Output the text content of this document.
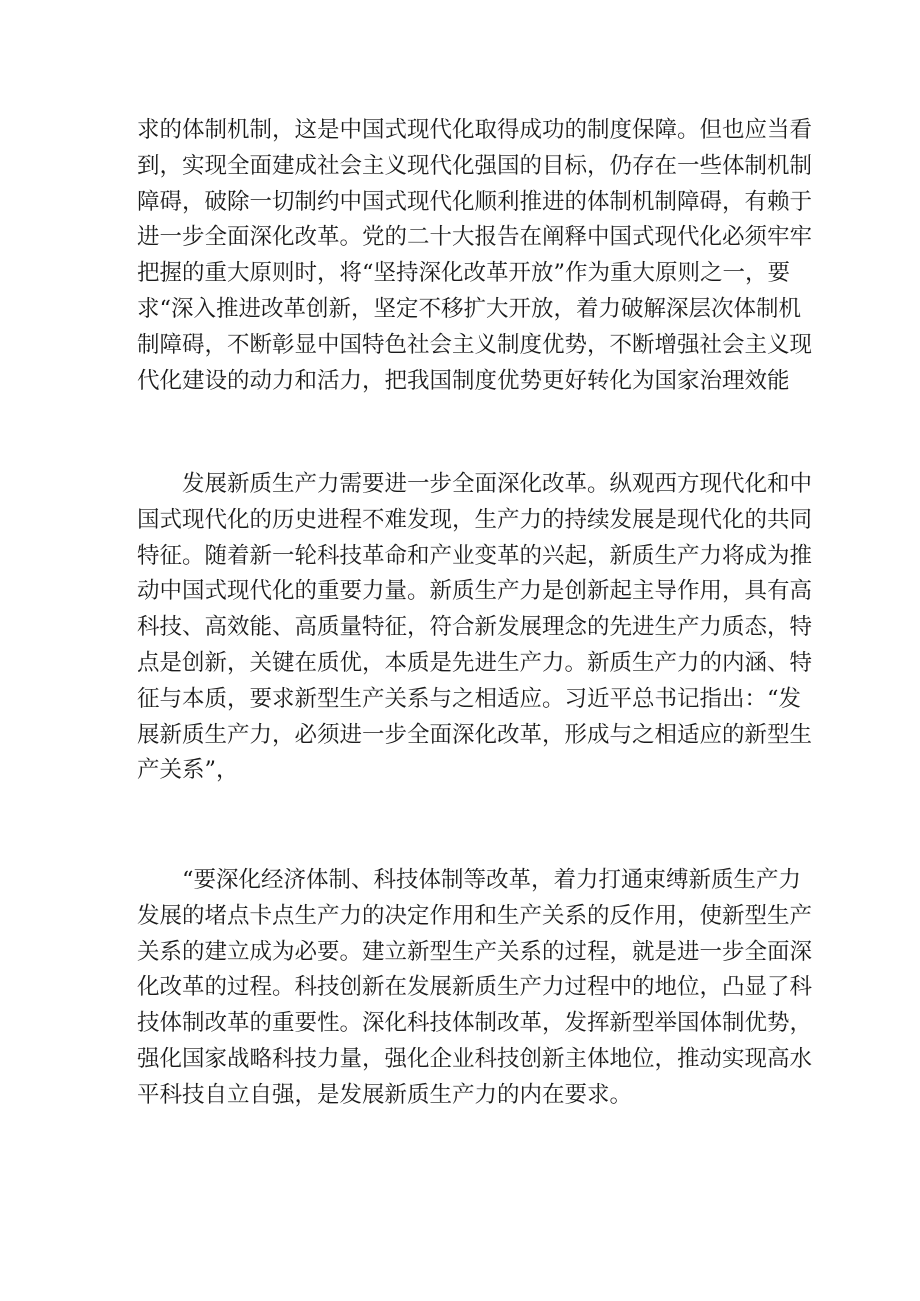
求的体制机制，这是中国式现代化取得成功的制度保障。但也应当看
到，实现全面建成社会主义现代化强国的目标，仍存在一些体制机制
障碍，破除一切制约中国式现代化顺利推进的体制机制障碍，有赖于
进一步全面深化改革。党的二十大报告在阐释中国式现代化必须牢牢
把握的重大原则时，将“坚持深化改革开放”作为重大原则之一，要
求“深入推进改革创新，坚定不移扩大开放，着力破解深层次体制机
制障碍，不断彰显中国特色社会主义制度优势，不断增强社会主义现
代化建设的动力和活力，把我国制度优势更好转化为国家治理效能

发展新质生产力需要进一步全面深化改革。纵观西方现代化和中
国式现代化的历史进程不难发现，生产力的持续发展是现代化的共同
特征。随着新一轮科技革命和产业变革的兴起，新质生产力将成为推
动中国式现代化的重要力量。新质生产力是创新起主导作用，具有高
科技、高效能、高质量特征，符合新发展理念的先进生产力质态，特
点是创新，关键在质优，本质是先进生产力。新质生产力的内涵、特
征与本质，要求新型生产关系与之相适应。习近平总书记指出：“发
展新质生产力，必须进一步全面深化改革，形成与之相适应的新型生
产关系”，

“要深化经济体制、科技体制等改革，着力打通束缚新质生产力
发展的堵点卡点生产力的决定作用和生产关系的反作用，使新型生产
关系的建立成为必要。建立新型生产关系的过程，就是进一步全面深
化改革的过程。科技创新在发展新质生产力过程中的地位，凸显了科
技体制改革的重要性。深化科技体制改革，发挥新型举国体制优势，
强化国家战略科技力量，强化企业科技创新主体地位，推动实现高水
平科技自立自强，是发展新质生产力的内在要求。
